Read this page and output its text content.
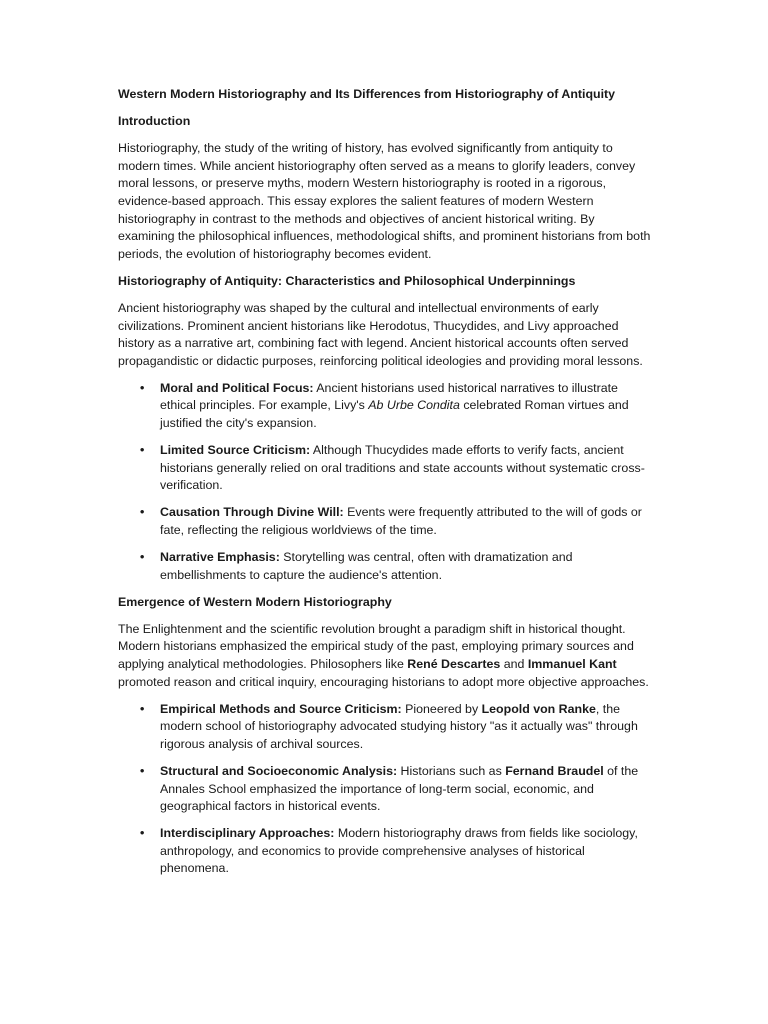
Western Modern Historiography and Its Differences from Historiography of Antiquity
Introduction
Historiography, the study of the writing of history, has evolved significantly from antiquity to modern times. While ancient historiography often served as a means to glorify leaders, convey moral lessons, or preserve myths, modern Western historiography is rooted in a rigorous, evidence-based approach. This essay explores the salient features of modern Western historiography in contrast to the methods and objectives of ancient historical writing. By examining the philosophical influences, methodological shifts, and prominent historians from both periods, the evolution of historiography becomes evident.
Historiography of Antiquity: Characteristics and Philosophical Underpinnings
Ancient historiography was shaped by the cultural and intellectual environments of early civilizations. Prominent ancient historians like Herodotus, Thucydides, and Livy approached history as a narrative art, combining fact with legend. Ancient historical accounts often served propagandistic or didactic purposes, reinforcing political ideologies and providing moral lessons.
• Moral and Political Focus: Ancient historians used historical narratives to illustrate ethical principles. For example, Livy's Ab Urbe Condita celebrated Roman virtues and justified the city's expansion.
• Limited Source Criticism: Although Thucydides made efforts to verify facts, ancient historians generally relied on oral traditions and state accounts without systematic cross-verification.
• Causation Through Divine Will: Events were frequently attributed to the will of gods or fate, reflecting the religious worldviews of the time.
• Narrative Emphasis: Storytelling was central, often with dramatization and embellishments to capture the audience's attention.
Emergence of Western Modern Historiography
The Enlightenment and the scientific revolution brought a paradigm shift in historical thought. Modern historians emphasized the empirical study of the past, employing primary sources and applying analytical methodologies. Philosophers like René Descartes and Immanuel Kant promoted reason and critical inquiry, encouraging historians to adopt more objective approaches.
• Empirical Methods and Source Criticism: Pioneered by Leopold von Ranke, the modern school of historiography advocated studying history "as it actually was" through rigorous analysis of archival sources.
• Structural and Socioeconomic Analysis: Historians such as Fernand Braudel of the Annales School emphasized the importance of long-term social, economic, and geographical factors in historical events.
• Interdisciplinary Approaches: Modern historiography draws from fields like sociology, anthropology, and economics to provide comprehensive analyses of historical phenomena.
